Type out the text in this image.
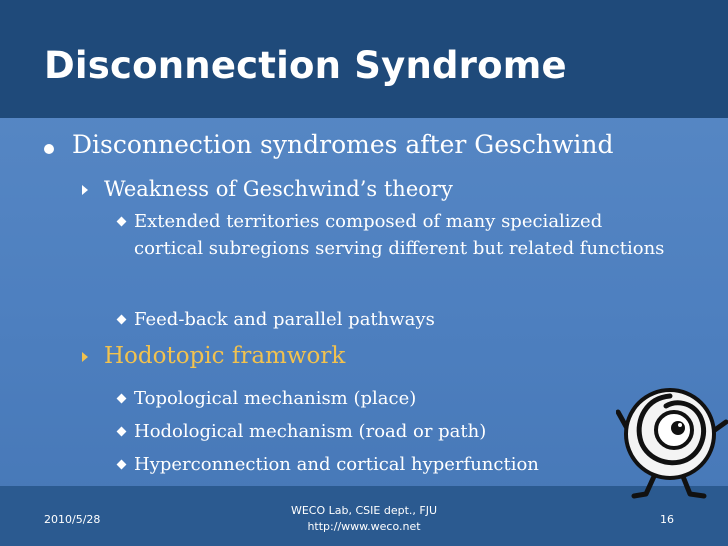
Disconnection Syndrome
Disconnection syndromes after Geschwind
Weakness of Geschwind’s theory
Extended territories composed of many specialized cortical subregions serving different but related functions
Feed-back and parallel pathways
Hodotopic framwork
Topological mechanism (place)
Hodological mechanism (road or path)
Hyperconnection and cortical hyperfunction
2010/5/28
WECO Lab, CSIE dept., FJU
http://www.weco.net
16
